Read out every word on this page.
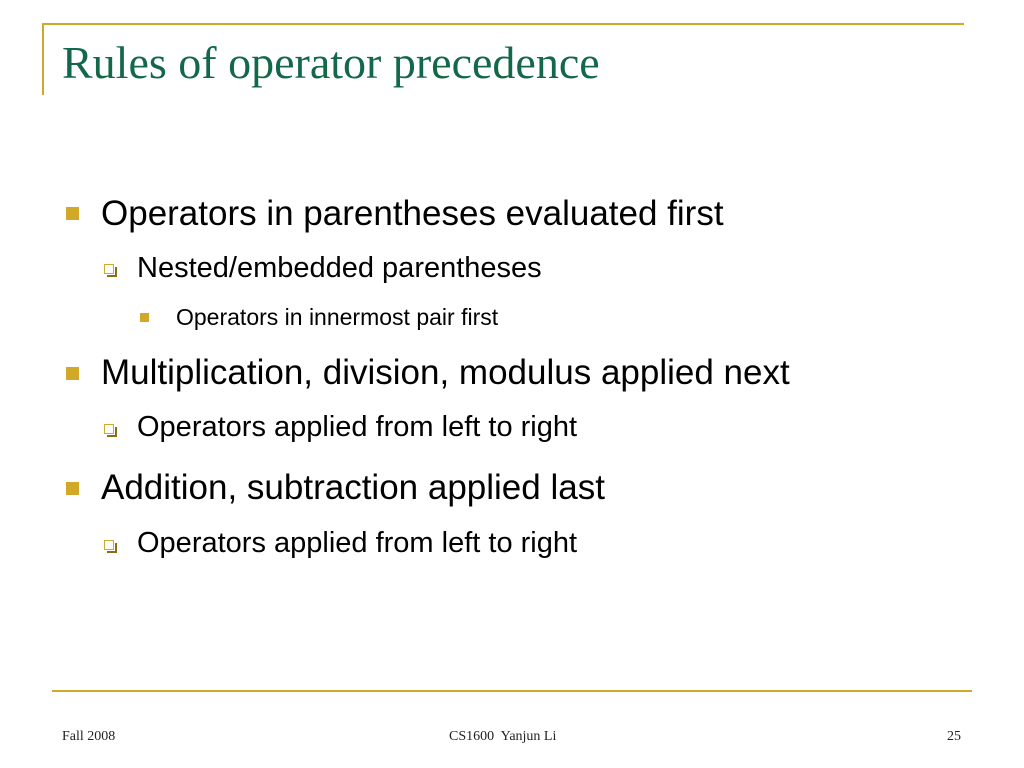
Rules of operator precedence
Operators in parentheses evaluated first
Nested/embedded parentheses
Operators in innermost pair first
Multiplication, division, modulus applied next
Operators applied from left to right
Addition, subtraction applied last
Operators applied from left to right
Fall 2008	CS1600  Yanjun Li	25
